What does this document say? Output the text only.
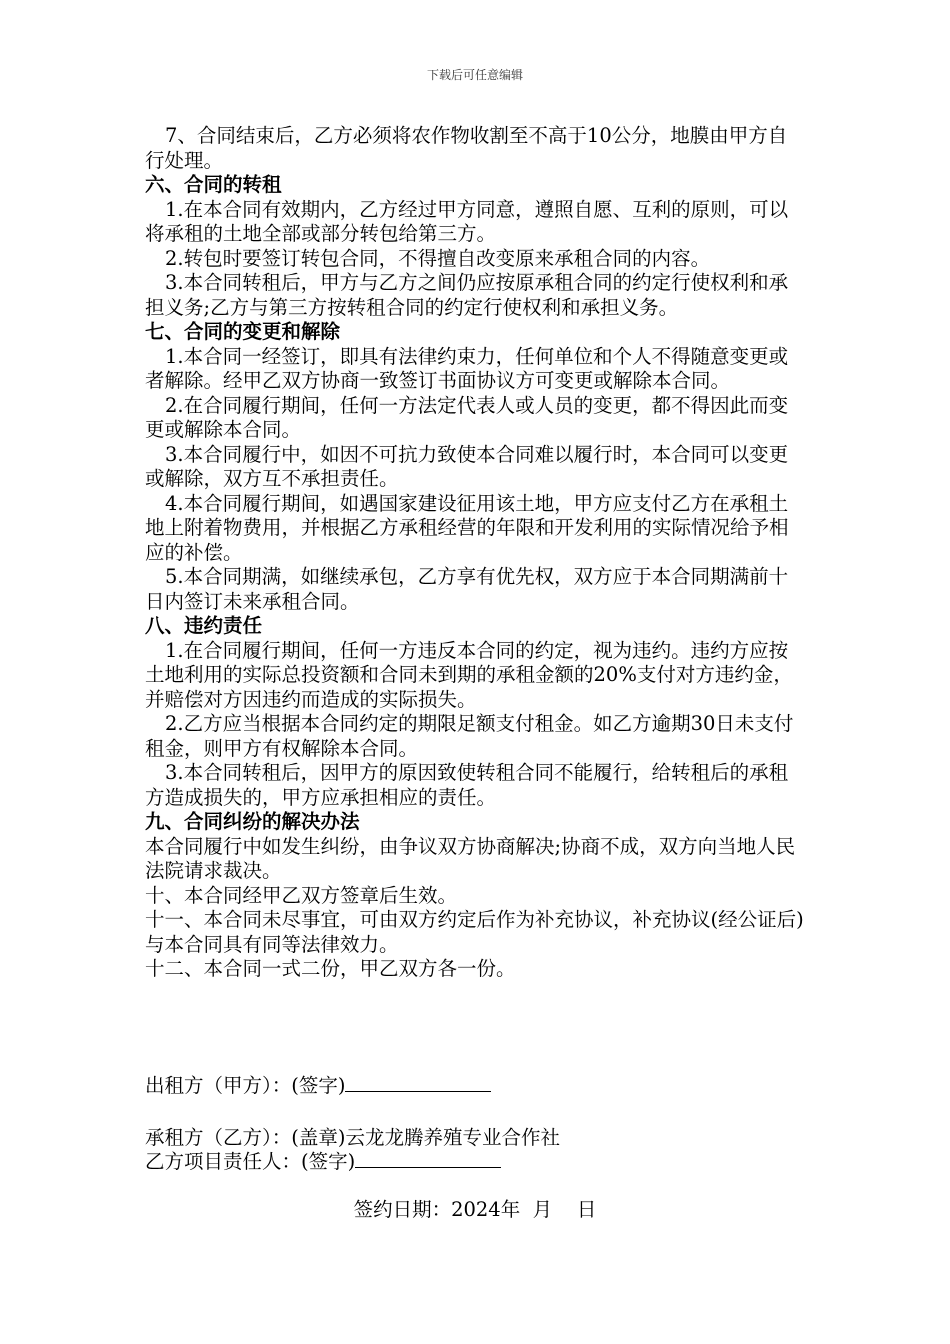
下载后可任意编辑

7、合同结束后，乙方必须将农作物收割至不高于10公分，地膜由甲方自行处理。

六、合同的转租

1.在本合同有效期内，乙方经过甲方同意，遵照自愿、互利的原则，可以将承租的土地全部或部分转包给第三方。

2.转包时要签订转包合同，不得擅自改变原来承租合同的内容。

3.本合同转租后，甲方与乙方之间仍应按原承租合同的约定行使权利和承担义务;乙方与第三方按转租合同的约定行使权利和承担义务。

七、合同的变更和解除

1.本合同一经签订，即具有法律约束力，任何单位和个人不得随意变更或者解除。经甲乙双方协商一致签订书面协议方可变更或解除本合同。

2.在合同履行期间，任何一方法定代表人或人员的变更，都不得因此而变更或解除本合同。

3.本合同履行中，如因不可抗力致使本合同难以履行时，本合同可以变更或解除，双方互不承担责任。

4.本合同履行期间，如遇国家建设征用该土地，甲方应支付乙方在承租土地上附着物费用，并根据乙方承租经营的年限和开发利用的实际情况给予相应的补偿。

5.本合同期满，如继续承包，乙方享有优先权，双方应于本合同期满前十日内签订未来承租合同。

八、违约责任

1.在合同履行期间，任何一方违反本合同的约定，视为违约。违约方应按土地利用的实际总投资额和合同未到期的承租金额的20%支付对方违约金，并赔偿对方因违约而造成的实际损失。

2.乙方应当根据本合同约定的期限足额支付租金。如乙方逾期30日未支付租金，则甲方有权解除本合同。

3.本合同转租后，因甲方的原因致使转租合同不能履行，给转租后的承租方造成损失的，甲方应承担相应的责任。

九、合同纠纷的解决办法

本合同履行中如发生纠纷，由争议双方协商解决;协商不成，双方向当地人民法院请求裁决。

十、本合同经甲乙双方签章后生效。

十一、本合同未尽事宜，可由双方约定后作为补充协议，补充协议(经公证后)与本合同具有同等法律效力。

十二、本合同一式二份，甲乙双方各一份。

出租方（甲方）：(签字)
承租方（乙方）：(盖章)云龙龙腾养殖专业合作社
乙方项目责任人：(签字)
签约日期：2024年  月    日
